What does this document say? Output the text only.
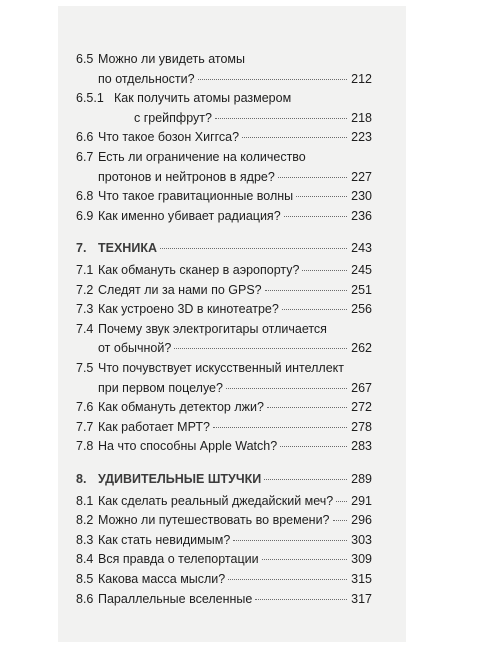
Можно ли увидеть атомы
по отдельности?	212
Как получить атомы размером
с грейпфрут?	218
Что такое бозон Хиггса?	223
Есть ли ограничение на количество
протонов и нейтронов в ядре?	227
Что такое гравитационные волны	230
Как именно убивает радиация?	236
ТЕХНИКА	243
Как обмануть сканер в аэропорту?	245
Следят ли за нами по GPS?	251
Как устроено 3D в кинотеатре?	256
Почему звук электрогитары отличается
от обычной?	262
Что почувствует искусственный интеллект
при первом поцелуе?	267
Как обмануть детектор лжи?	272
Как работает МРТ?	278
На что способны Apple Watch?	283
УДИВИТЕЛЬНЫЕ ШТУЧКИ	289
Как сделать реальный джедайский меч? 291
Можно ли путешествовать во времени? 296
Как стать невидимым?	303
Вся правда о телепортации	309
Какова масса мысли?	315
Параллельные вселенные	317
